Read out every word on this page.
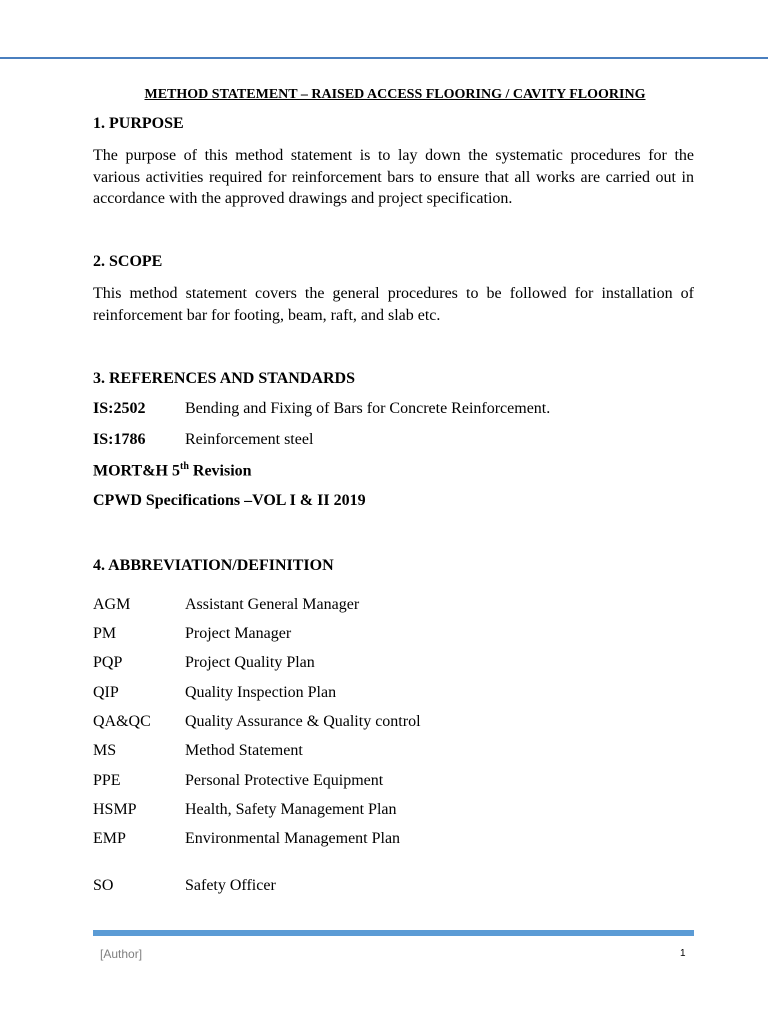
METHOD STATEMENT – RAISED ACCESS FLOORING / CAVITY FLOORING
1. PURPOSE
The purpose of this method statement is to lay down the systematic procedures for the various activities required for reinforcement bars to ensure that all works are carried out in accordance with the approved drawings and project specification.
2. SCOPE
This method statement covers the general procedures to be followed for installation of reinforcement bar for footing, beam, raft, and slab etc.
3. REFERENCES AND STANDARDS
IS:2502 Bending and Fixing of Bars for Concrete Reinforcement.
IS:1786 Reinforcement steel
MORT&H 5th Revision
CPWD Specifications –VOL I & II 2019
4. ABBREVIATION/DEFINITION
AGM	Assistant General Manager
PM	Project Manager
PQP	Project Quality Plan
QIP	Quality Inspection Plan
QA&QC Quality Assurance & Quality control
MS	Method Statement
PPE	Personal Protective Equipment
HSMP	Health, Safety Management Plan
EMP	Environmental Management Plan
SO	Safety Officer
[Author]	1
